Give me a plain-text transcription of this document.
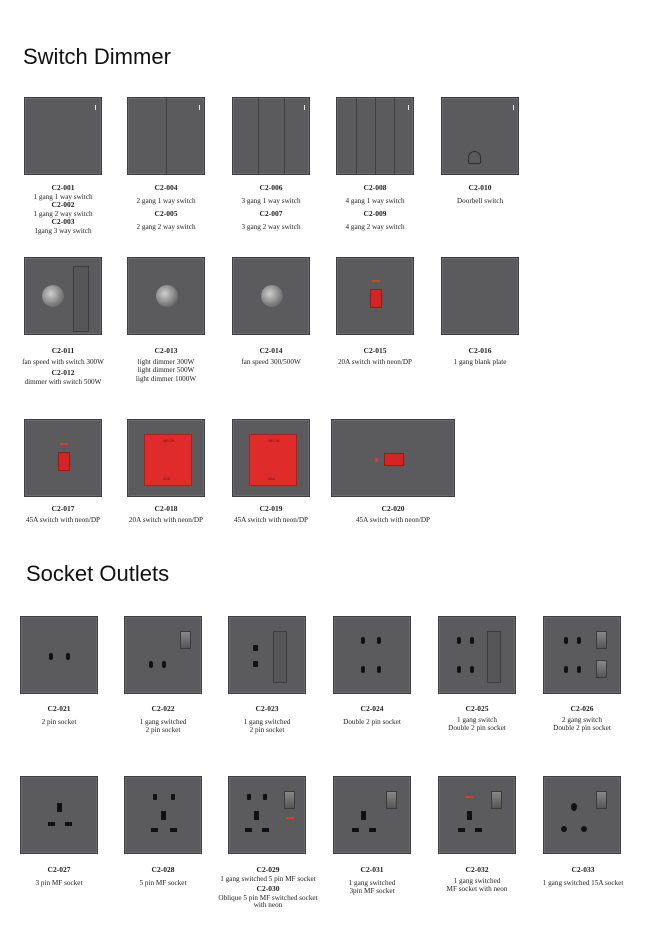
Switch Dimmer
C2-001
1 gang 1 way switch
C2-002
1 gang 2 way switch
C2-003
1gang 3 way switch
C2-004
2 gang 1 way switch
C2-005
2 gang 2 way switch
C2-006
3 gang 1 way switch
C2-007
3 gang 2 way switch
C2-008
4 gang 1 way switch
C2-009
4 gang 2 way switch
C2-010
Doorbell switch
C2-011
fan speed with switch 300W
C2-012
dimmer with switch 500W
C2-013
light dimmer 300W
light dimmer 500W
light dimmer 1000W
C2-014
fan speed 300/500W
C2-015
20A switch with neon/DP
C2-016
1 gang blank plate
NEON
20A
NEON
45A
C2-017
45A switch with neon/DP
C2-018
20A switch with neon/DP
C2-019
45A switch with neon/DP
C2-020
45A switch with neon/DP
Socket Outlets
C2-021
2 pin socket
C2-022
1 gang switched
2 pin socket
C2-023
1 gang switched
2 pin socket
C2-024
Double 2 pin socket
C2-025
1 gang switch
Double 2 pin socket
C2-026
2 gang switch
Double 2 pin socket
C2-027
3 pin MF socket
C2-028
5 pin MF socket
C2-029
1 gang switched 5 pin MF socket
C2-030
Oblique 5 pin MF switched socket
with neon
C2-031
1 gang switched
3pin MF socket
C2-032
1 gang switched
MF socket with neon
C2-033
1 gang switched 15A socket
